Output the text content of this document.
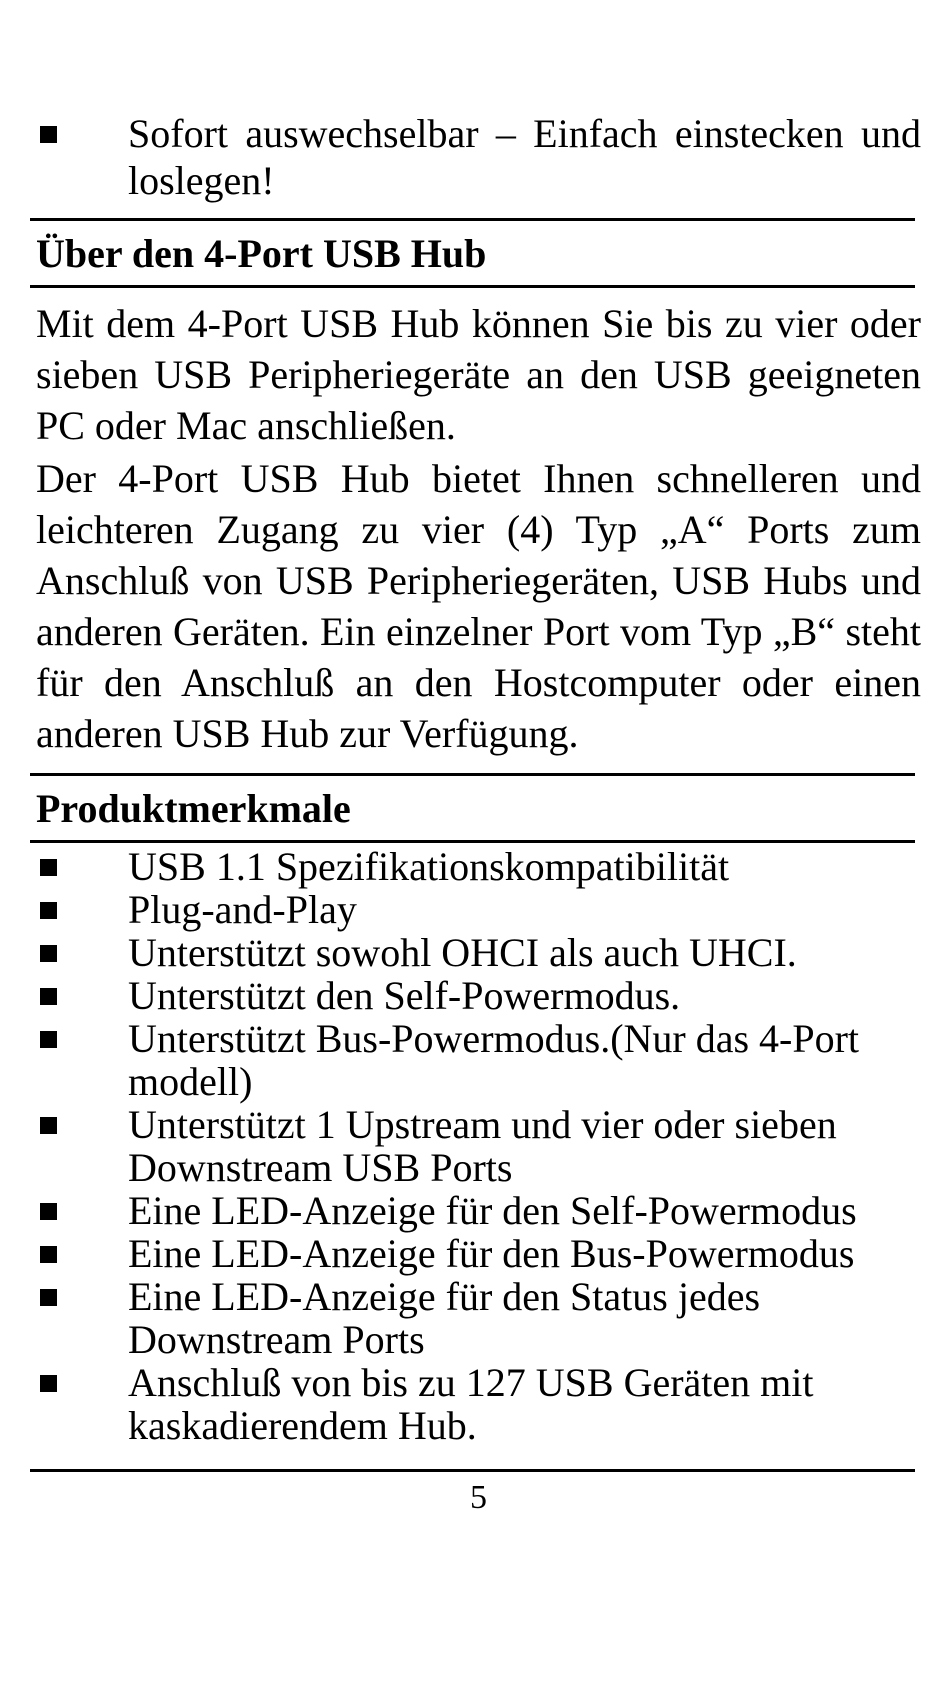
Sofort auswechselbar – Einfach einstecken und loslegen!
Über den 4-Port USB Hub
Mit dem 4-Port USB Hub können Sie bis zu vier oder sieben USB Peripheriegeräte an den USB geeigneten PC oder Mac anschließen.
Der 4-Port USB Hub bietet Ihnen schnelleren und leichteren Zugang zu vier (4) Typ „A“ Ports zum Anschluß von USB Peripheriegeräten, USB Hubs und anderen Geräten. Ein einzelner Port vom Typ „B“ steht für den Anschluß an den Hostcomputer oder einen anderen USB Hub zur Verfügung.
Produktmerkmale
USB 1.1 Spezifikationskompatibilität
Plug-and-Play
Unterstützt sowohl OHCI als auch UHCI.
Unterstützt den Self-Powermodus.
Unterstützt Bus-Powermodus.(Nur das 4-Port modell)
Unterstützt 1 Upstream und vier oder sieben Downstream USB Ports
Eine LED-Anzeige für den Self-Powermodus
Eine LED-Anzeige für den Bus-Powermodus
Eine LED-Anzeige für den Status jedes Downstream Ports
Anschluß von bis zu 127 USB Geräten mit kaskadierendem Hub.
5
